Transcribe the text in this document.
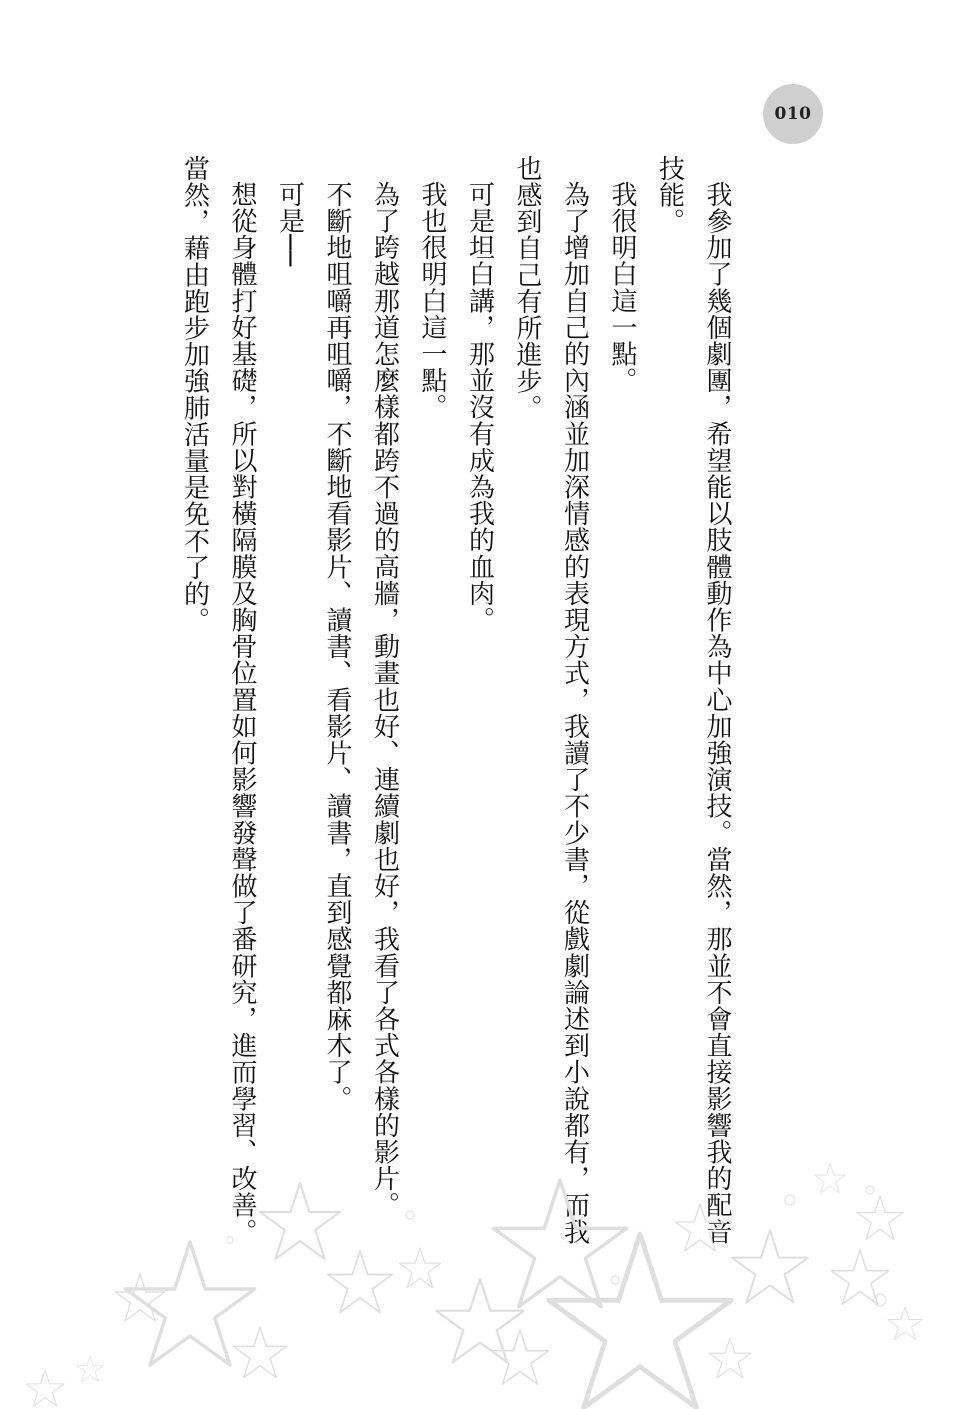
010

我參加了幾個劇團，希望能以肢體動作為中心加強演技。當然，那並不會直接影響我的配音技能。

我很明白這一點。

為了增加自己的內涵並加深情感的表現方式，我讀了不少書，從戲劇論述到小說都有，而我也感到自己有所進步。

可是坦白講，那並沒有成為我的血肉。

我也很明白這一點。

為了跨越那道怎麼樣都跨不過的高牆，動畫也好、連續劇也好，我看了各式各樣的影片。

不斷地咀嚼再咀嚼，不斷地看影片、讀書、看影片、讀書，直到感覺都麻木了。

可是──

想從身體打好基礎，所以對橫隔膜及胸骨位置如何影響發聲做了番研究，進而學習、改善。當然，藉由跑步加強肺活量是免不了的。
